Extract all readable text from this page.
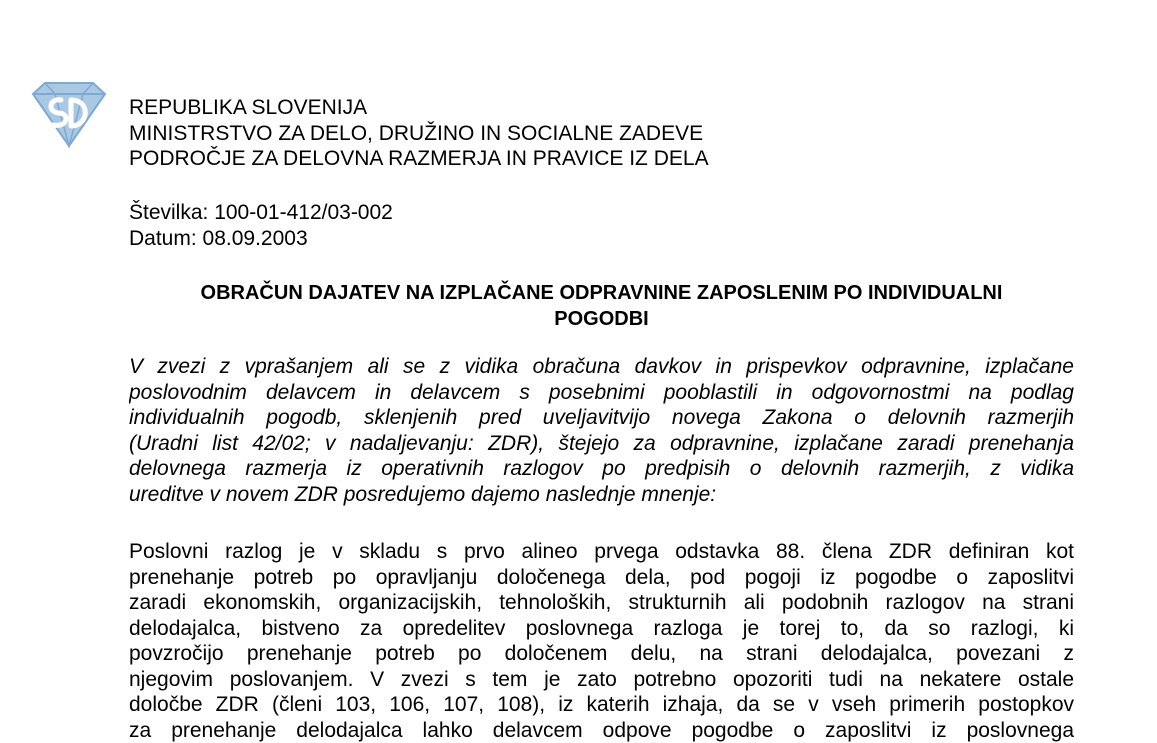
REPUBLIKA SLOVENIJA
MINISTRSTVO ZA DELO, DRUŽINO IN SOCIALNE ZADEVE
PODROČJE ZA DELOVNA RAZMERJA IN PRAVICE IZ DELA
Številka: 100-01-412/03-002
Datum: 08.09.2003
OBRAČUN DAJATEV NA IZPLAČANE ODPRAVNINE ZAPOSLENIM PO INDIVIDUALNI
POGODBI
V zvezi z vprašanjem ali se z vidika obračuna davkov in prispevkov odpravnine, izplačane
poslovodnim delavcem in delavcem s posebnimi pooblastili in odgovornostmi na podlag
individualnih pogodb, sklenjenih pred uveljavitvijo novega Zakona o delovnih razmerjih
(Uradni list 42/02; v nadaljevanju: ZDR), štejejo za odpravnine, izplačane zaradi prenehanja
delovnega razmerja iz operativnih razlogov po predpisih o delovnih razmerjih, z vidika
ureditve v novem ZDR posredujemo dajemo naslednje mnenje:
Poslovni razlog je v skladu s prvo alineo prvega odstavka 88. člena ZDR definiran kot
prenehanje potreb po opravljanju določenega dela, pod pogoji iz pogodbe o zaposlitvi
zaradi ekonomskih, organizacijskih, tehnoloških, strukturnih ali podobnih razlogov na strani
delodajalca, bistveno za opredelitev poslovnega razloga je torej to, da so razlogi, ki
povzročijo prenehanje potreb po določenem delu, na strani delodajalca, povezani z
njegovim poslovanjem. V zvezi s tem je zato potrebno opozoriti tudi na nekatere ostale
določbe ZDR (členi 103, 106, 107, 108), iz katerih izhaja, da se v vseh primerih postopkov
za prenehanje delodajalca lahko delavcem odpove pogodbe o zaposlitvi iz poslovnega
